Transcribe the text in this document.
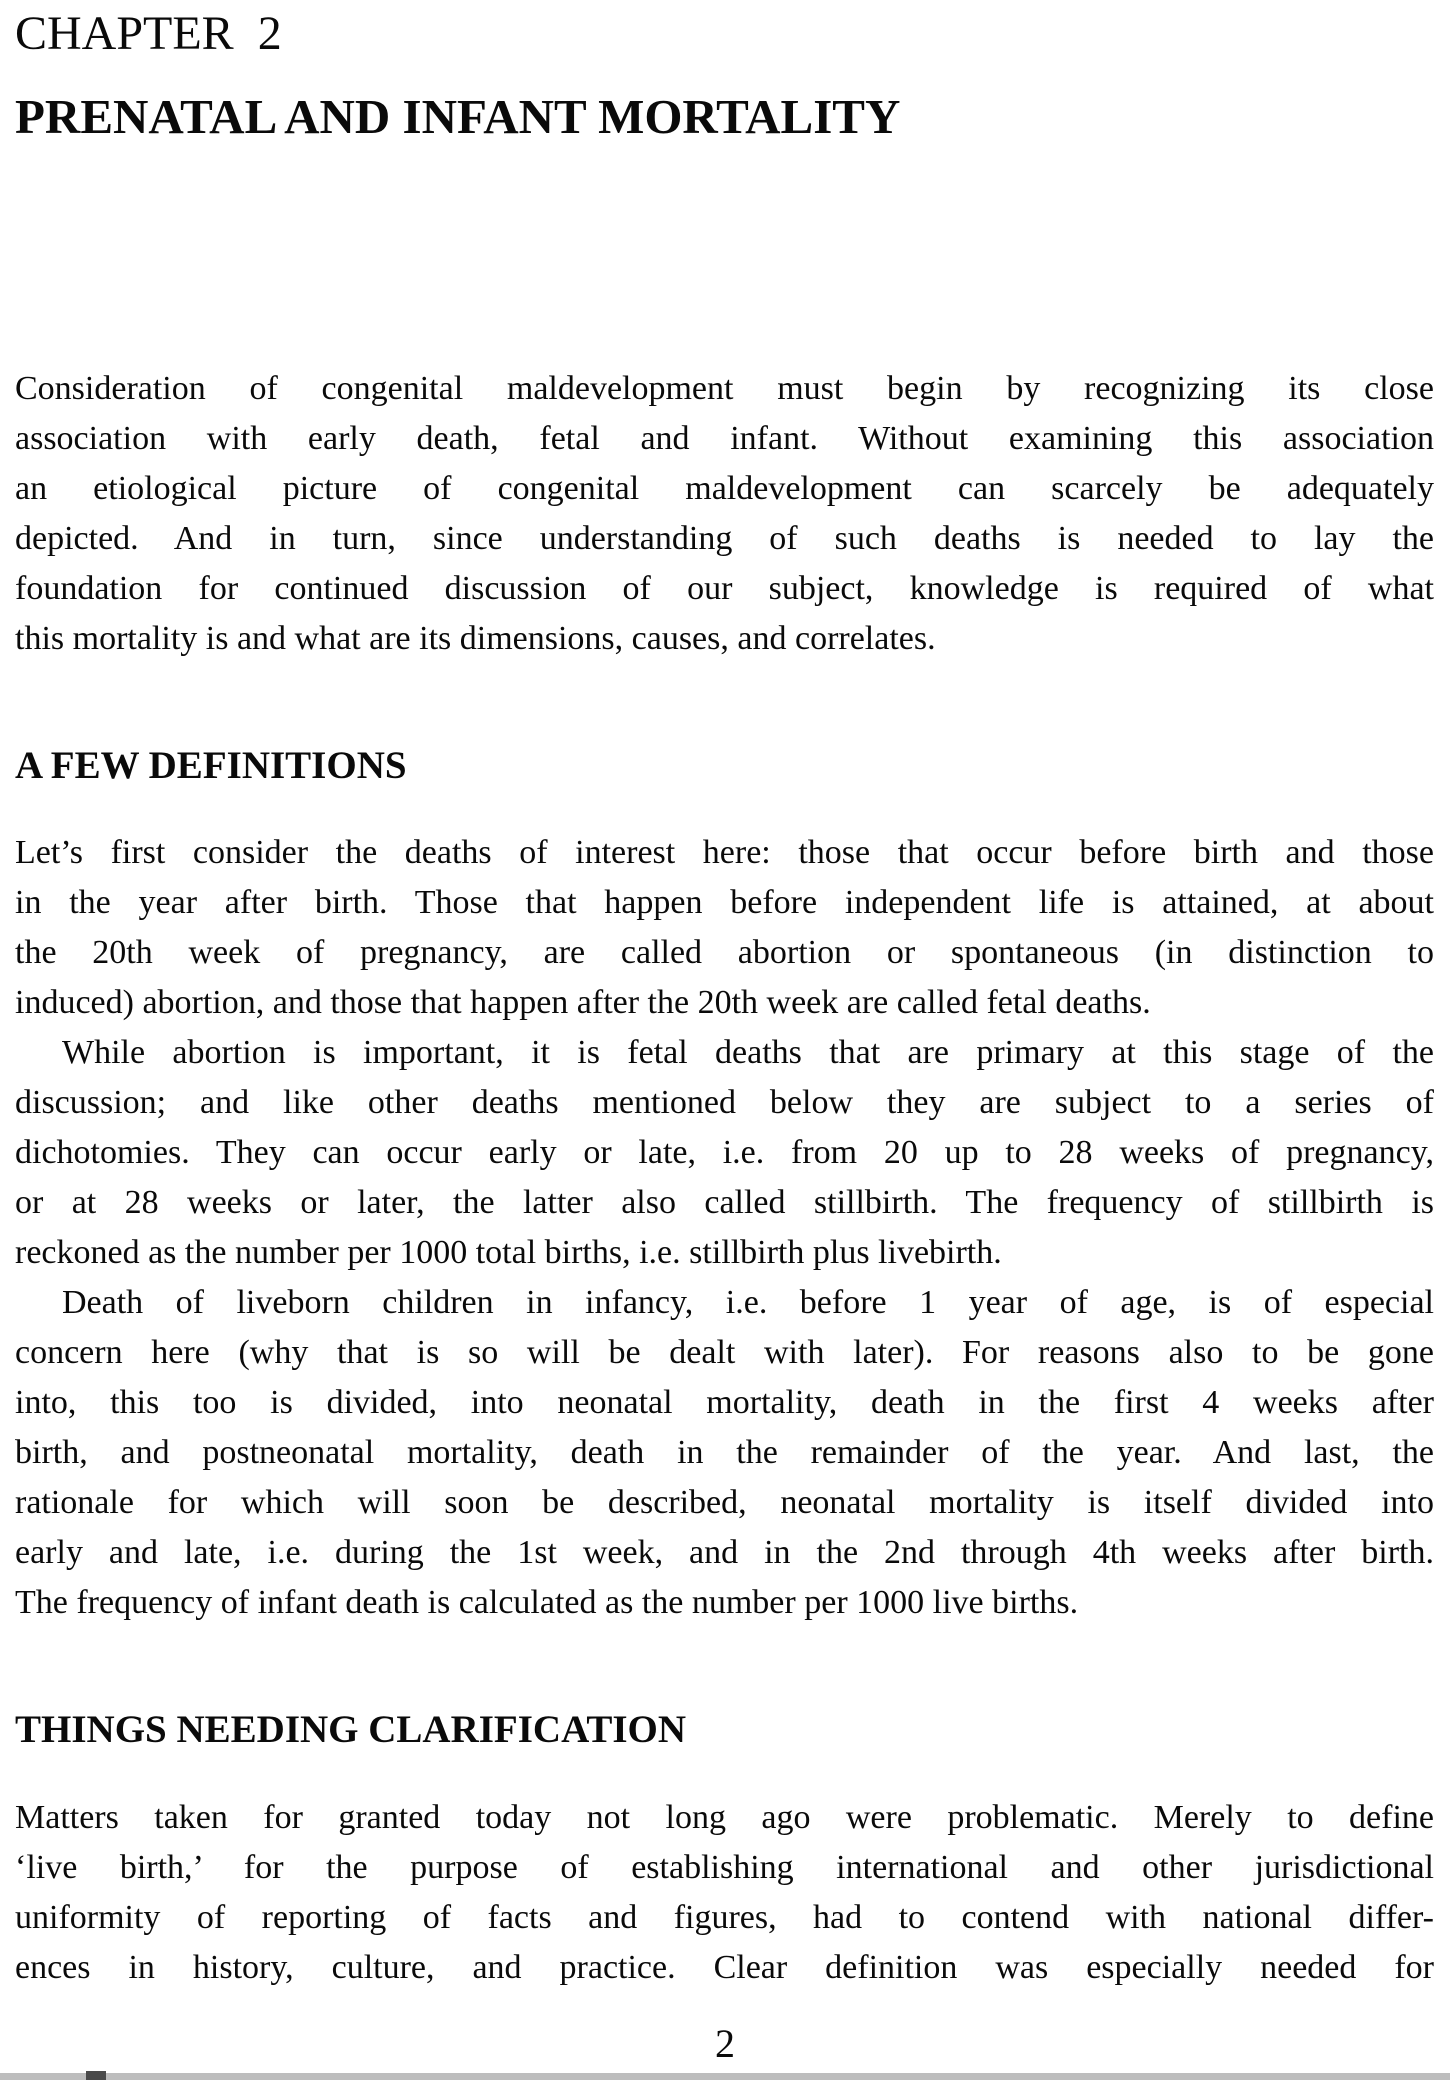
CHAPTER  2
PRENATAL AND INFANT MORTALITY
Consideration of congenital maldevelopment must begin by recognizing its close
association with early death, fetal and infant. Without examining this association
an etiological picture of congenital maldevelopment can scarcely be adequately
depicted. And in turn, since understanding of such deaths is needed to lay the
foundation for continued discussion of our subject, knowledge is required of what
this mortality is and what are its dimensions, causes, and correlates.
A FEW DEFINITIONS
Let’s first consider the deaths of interest here: those that occur before birth and those
in the year after birth. Those that happen before independent life is attained, at about
the 20th week of pregnancy, are called abortion or spontaneous (in distinction to
induced) abortion, and those that happen after the 20th week are called fetal deaths.
While abortion is important, it is fetal deaths that are primary at this stage of the
discussion; and like other deaths mentioned below they are subject to a series of
dichotomies. They can occur early or late, i.e. from 20 up to 28 weeks of pregnancy,
or at 28 weeks or later, the latter also called stillbirth. The frequency of stillbirth is
reckoned as the number per 1000 total births, i.e. stillbirth plus livebirth.
Death of liveborn children in infancy, i.e. before 1 year of age, is of especial
concern here (why that is so will be dealt with later). For reasons also to be gone
into, this too is divided, into neonatal mortality, death in the first 4 weeks after
birth, and postneonatal mortality, death in the remainder of the year. And last, the
rationale for which will soon be described, neonatal mortality is itself divided into
early and late, i.e. during the 1st week, and in the 2nd through 4th weeks after birth.
The frequency of infant death is calculated as the number per 1000 live births.
THINGS NEEDING CLARIFICATION
Matters taken for granted today not long ago were problematic. Merely to define
‘live birth,’ for the purpose of establishing international and other jurisdictional
uniformity of reporting of facts and figures, had to contend with national differ-
ences in history, culture, and practice. Clear definition was especially needed for
2
